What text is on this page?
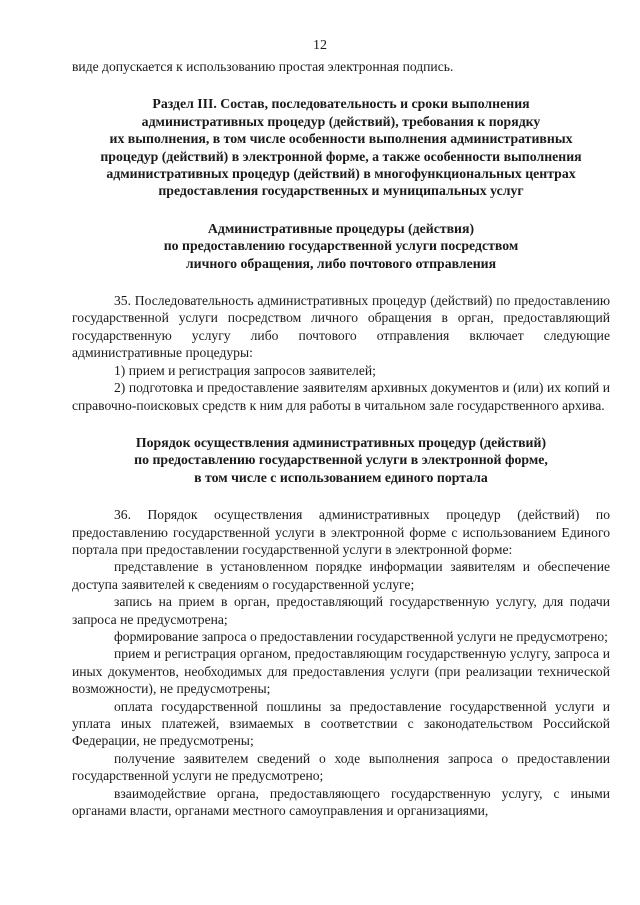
12

виде допускается к использованию простая электронная подпись.

Раздел III. Состав, последовательность и сроки выполнения
административных процедур (действий), требования к порядку
их выполнения, в том числе особенности выполнения административных
процедур (действий) в электронной форме, а также особенности выполнения
административных процедур (действий) в многофункциональных центрах
предоставления государственных и муниципальных услуг
Административные процедуры (действия)
по предоставлению государственной услуги посредством
личного обращения, либо почтового отправления

35. Последовательность административных процедур (действий) по предоставлению государственной услуги посредством личного обращения в орган, предоставляющий государственную услугу либо почтового отправления включает следующие административные процедуры:

1) прием и регистрация запросов заявителей;

2) подготовка и предоставление заявителям архивных документов и (или) их копий и справочно-поисковых средств к ним для работы в читальном зале государственного архива.

Порядок осуществления административных процедур (действий)
по предоставлению государственной услуги в электронной форме,
в том числе с использованием единого портала

36. Порядок осуществления административных процедур (действий) по предоставлению государственной услуги в электронной форме с использованием Единого портала при предоставлении государственной услуги в электронной форме:

представление в установленном порядке информации заявителям и обеспечение доступа заявителей к сведениям о государственной услуге;

запись на прием в орган, предоставляющий государственную услугу, для подачи запроса не предусмотрена;

формирование запроса о предоставлении государственной услуги не предусмотрено;

прием и регистрация органом, предоставляющим государственную услугу, запроса и иных документов, необходимых для предоставления услуги (при реализации технической возможности), не предусмотрены;

оплата государственной пошлины за предоставление государственной услуги и уплата иных платежей, взимаемых в соответствии с законодательством Российской Федерации, не предусмотрены;

получение заявителем сведений о ходе выполнения запроса о предоставлении государственной услуги не предусмотрено;

взаимодействие органа, предоставляющего государственную услугу, с иными органами власти, органами местного самоуправления и организациями,
